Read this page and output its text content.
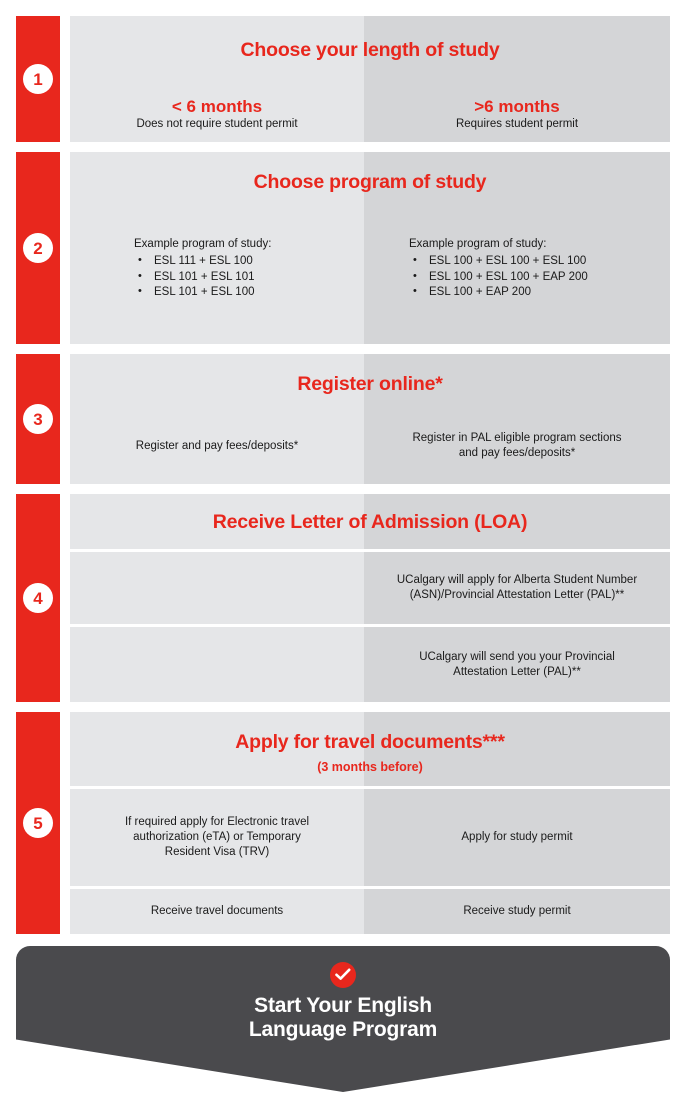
1
Choose your length of study
< 6 months
Does not require student permit
>6 months
Requires student permit
2
Choose program of study
Example program of study:
• ESL 111 + ESL 100
• ESL 101 + ESL 101
• ESL 101 + ESL 100
Example program of study:
• ESL 100 + ESL 100 + ESL 100
• ESL 100 + ESL 100 + EAP 200
• ESL 100 + EAP 200
3
Register online*
Register and pay fees/deposits*
Register in PAL eligible program sections and pay fees/deposits*
4
Receive Letter of Admission (LOA)
UCalgary will apply for Alberta Student Number (ASN)/Provincial Attestation Letter (PAL)**
UCalgary will send you your Provincial Attestation Letter (PAL)**
5
Apply for travel documents***
(3 months before)
If required apply for Electronic travel authorization (eTA) or Temporary Resident Visa (TRV)
Apply for study permit
Receive travel documents	Receive study permit
Start Your English
Language Program
